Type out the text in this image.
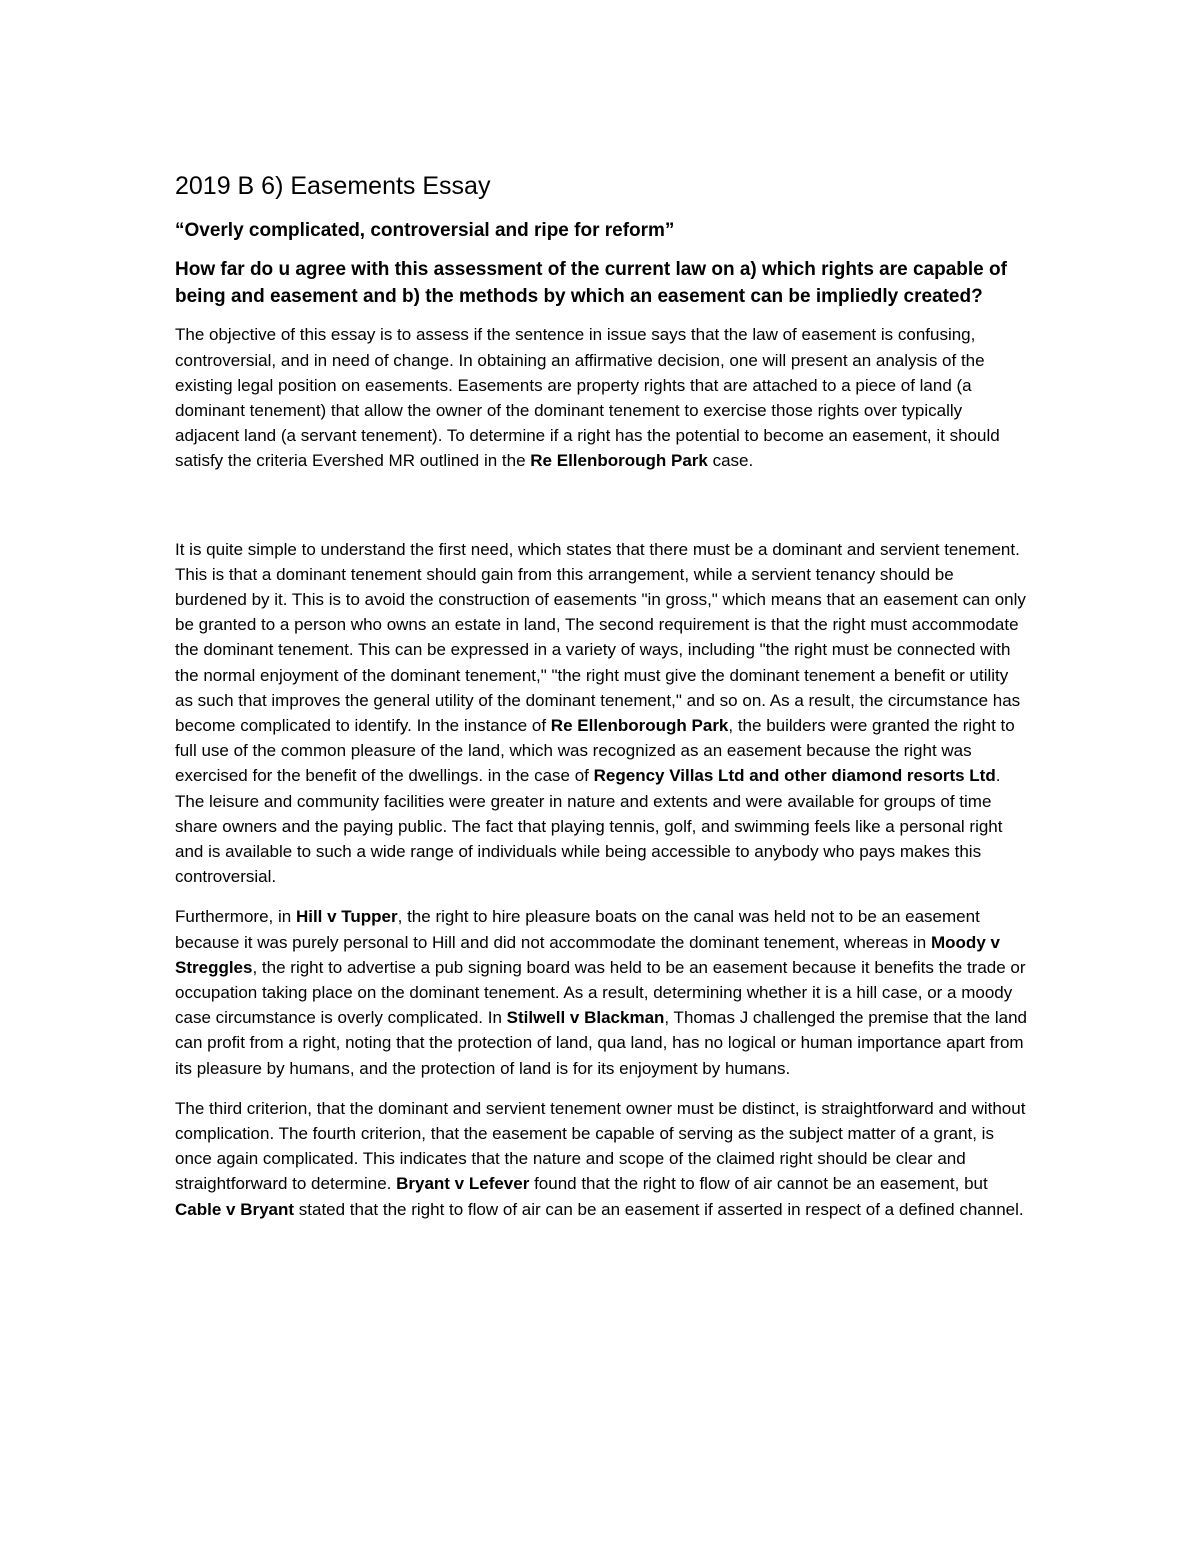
2019 B 6) Easements Essay

“Overly complicated, controversial and ripe for reform”

How far do u agree with this assessment of the current law on a) which rights are capable of being and easement and b) the methods by which an easement can be impliedly created?

The objective of this essay is to assess if the sentence in issue says that the law of easement is confusing, controversial, and in need of change. In obtaining an affirmative decision, one will present an analysis of the existing legal position on easements. Easements are property rights that are attached to a piece of land (a dominant tenement) that allow the owner of the dominant tenement to exercise those rights over typically adjacent land (a servant tenement). To determine if a right has the potential to become an easement, it should satisfy the criteria Evershed MR outlined in the Re Ellenborough Park case.

It is quite simple to understand the first need, which states that there must be a dominant and servient tenement. This is that a dominant tenement should gain from this arrangement, while a servient tenancy should be burdened by it. This is to avoid the construction of easements "in gross," which means that an easement can only be granted to a person who owns an estate in land, The second requirement is that the right must accommodate the dominant tenement. This can be expressed in a variety of ways, including "the right must be connected with the normal enjoyment of the dominant tenement," "the right must give the dominant tenement a benefit or utility as such that improves the general utility of the dominant tenement," and so on. As a result, the circumstance has become complicated to identify. In the instance of Re Ellenborough Park, the builders were granted the right to full use of the common pleasure of the land, which was recognized as an easement because the right was exercised for the benefit of the dwellings. in the case of Regency Villas Ltd and other diamond resorts Ltd. The leisure and community facilities were greater in nature and extents and were available for groups of time share owners and the paying public. The fact that playing tennis, golf, and swimming feels like a personal right and is available to such a wide range of individuals while being accessible to anybody who pays makes this controversial.

Furthermore, in Hill v Tupper, the right to hire pleasure boats on the canal was held not to be an easement because it was purely personal to Hill and did not accommodate the dominant tenement, whereas in Moody v Streggles, the right to advertise a pub signing board was held to be an easement because it benefits the trade or occupation taking place on the dominant tenement. As a result, determining whether it is a hill case, or a moody case circumstance is overly complicated. In Stilwell v Blackman, Thomas J challenged the premise that the land can profit from a right, noting that the protection of land, qua land, has no logical or human importance apart from its pleasure by humans, and the protection of land is for its enjoyment by humans.

The third criterion, that the dominant and servient tenement owner must be distinct, is straightforward and without complication. The fourth criterion, that the easement be capable of serving as the subject matter of a grant, is once again complicated. This indicates that the nature and scope of the claimed right should be clear and straightforward to determine. Bryant v Lefever found that the right to flow of air cannot be an easement, but Cable v Bryant stated that the right to flow of air can be an easement if asserted in respect of a defined channel.
